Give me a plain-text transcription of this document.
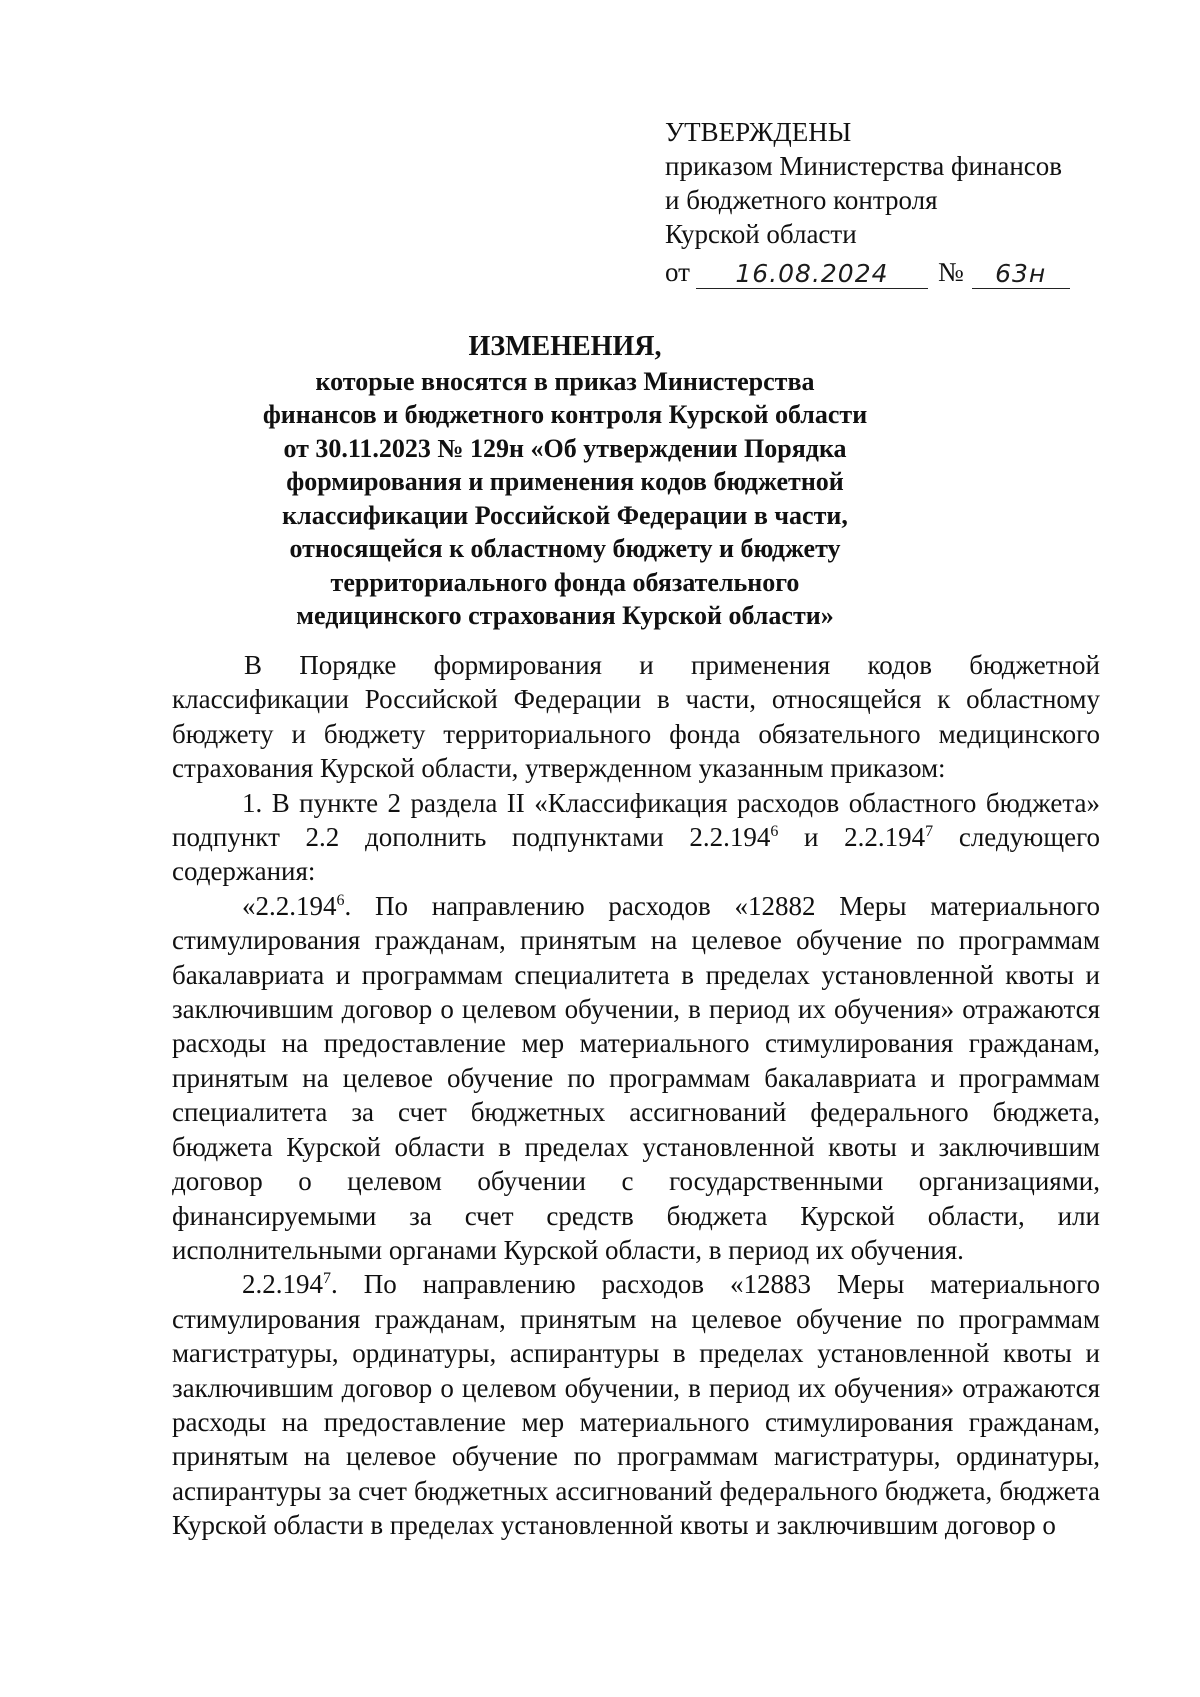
УТВЕРЖДЕНЫ
приказом Министерства финансов
и бюджетного контроля
Курской области
от	16.08.2024	№	63н
ИЗМЕНЕНИЯ,
которые вносятся в приказ Министерства
финансов и бюджетного контроля Курской области
от 30.11.2023 № 129н «Об утверждении Порядка
формирования и применения кодов бюджетной
классификации Российской Федерации в части,
относящейся к областному бюджету и бюджету
территориального фонда обязательного
медицинского страхования Курской области»

В Порядке формирования и применения кодов бюджетной классификации Российской Федерации в части, относящейся к областному бюджету и бюджету территориального фонда обязательного медицинского страхования Курской области, утвержденном указанным приказом:

1. В пункте 2 раздела II «Классификация расходов областного бюджета» подпункт 2.2 дополнить подпунктами 2.2.194$^6$ и 2.2.194$^7$ следующего содержания:

«2.2.194$^6$. По направлению расходов «12882 Меры материального стимулирования гражданам, принятым на целевое обучение по программам бакалавриата и программам специалитета в пределах установленной квоты и заключившим договор о целевом обучении, в период их обучения» отражаются расходы на предоставление мер материального стимулирования гражданам, принятым на целевое обучение по программам бакалавриата и программам специалитета за счет бюджетных ассигнований федерального бюджета, бюджета Курской области в пределах установленной квоты и заключившим договор о целевом обучении с государственными организациями, финансируемыми за счет средств бюджета Курской области, или исполнительными органами Курской области, в период их обучения.

2.2.194$^7$. По направлению расходов «12883 Меры материального стимулирования гражданам, принятым на целевое обучение по программам магистратуры, ординатуры, аспирантуры в пределах установленной квоты и заключившим договор о целевом обучении, в период их обучения» отражаются расходы на предоставление мер материального стимулирования гражданам, принятым на целевое обучение по программам магистратуры, ординатуры, аспирантуры за счет бюджетных ассигнований федерального бюджета, бюджета Курской области в пределах установленной квоты и заключившим договор о
